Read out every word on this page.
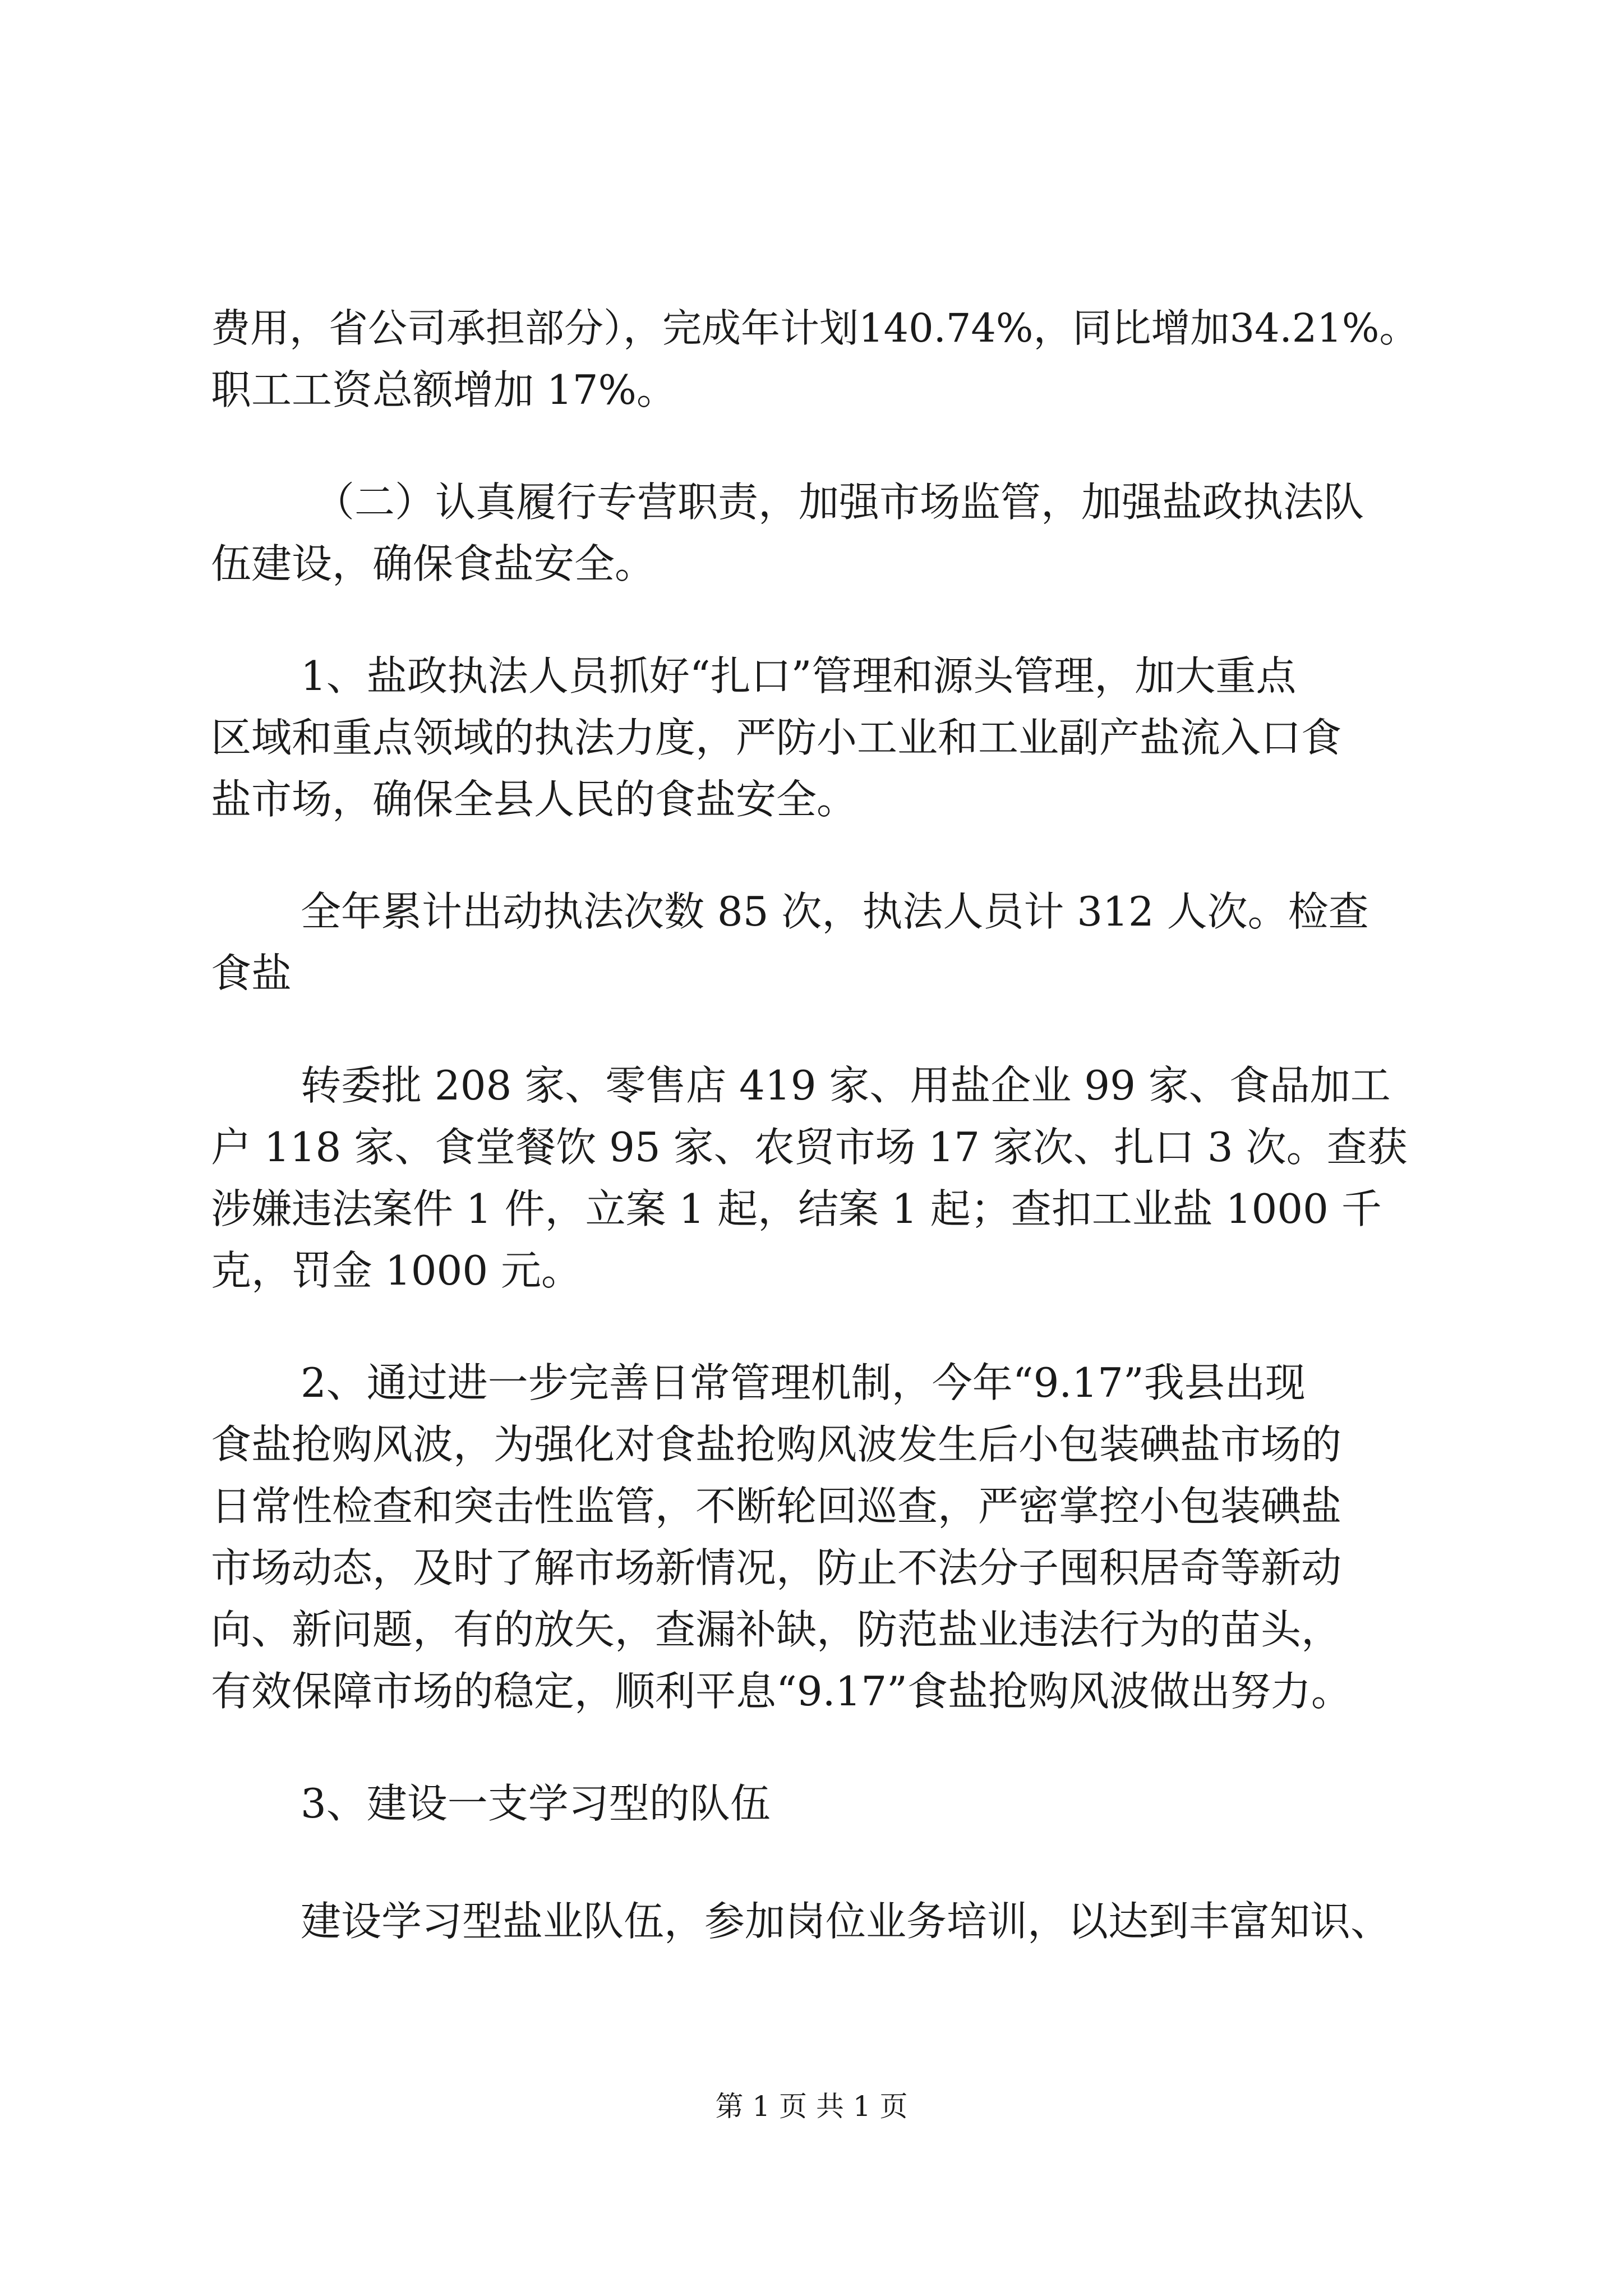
费用，省公司承担部分），完成年计划140.74%，同比增加34.21%。
职工工资总额增加 17%。
（二）认真履行专营职责，加强市场监管，加强盐政执法队
伍建设，确保食盐安全。
1、盐政执法人员抓好“扎口”管理和源头管理，加大重点
区域和重点领域的执法力度，严防小工业和工业副产盐流入口食
盐市场，确保全县人民的食盐安全。
全年累计出动执法次数 85 次，执法人员计 312 人次。检查
食盐
转委批 208 家、零售店 419 家、用盐企业 99 家、食品加工
户 118 家、食堂餐饮 95 家、农贸市场 17 家次、扎口 3 次。查获
涉嫌违法案件 1 件，立案 1 起，结案 1 起；查扣工业盐 1000 千
克，罚金 1000 元。
2、通过进一步完善日常管理机制，今年“9.17”我县出现
食盐抢购风波，为强化对食盐抢购风波发生后小包装碘盐市场的
日常性检查和突击性监管，不断轮回巡查，严密掌控小包装碘盐
市场动态，及时了解市场新情况，防止不法分子囤积居奇等新动
向、新问题，有的放矢，查漏补缺，防范盐业违法行为的苗头，
有效保障市场的稳定，顺利平息“9.17”食盐抢购风波做出努力。
3、建设一支学习型的队伍
建设学习型盐业队伍，参加岗位业务培训，以达到丰富知识、
第 1 页 共 1 页
